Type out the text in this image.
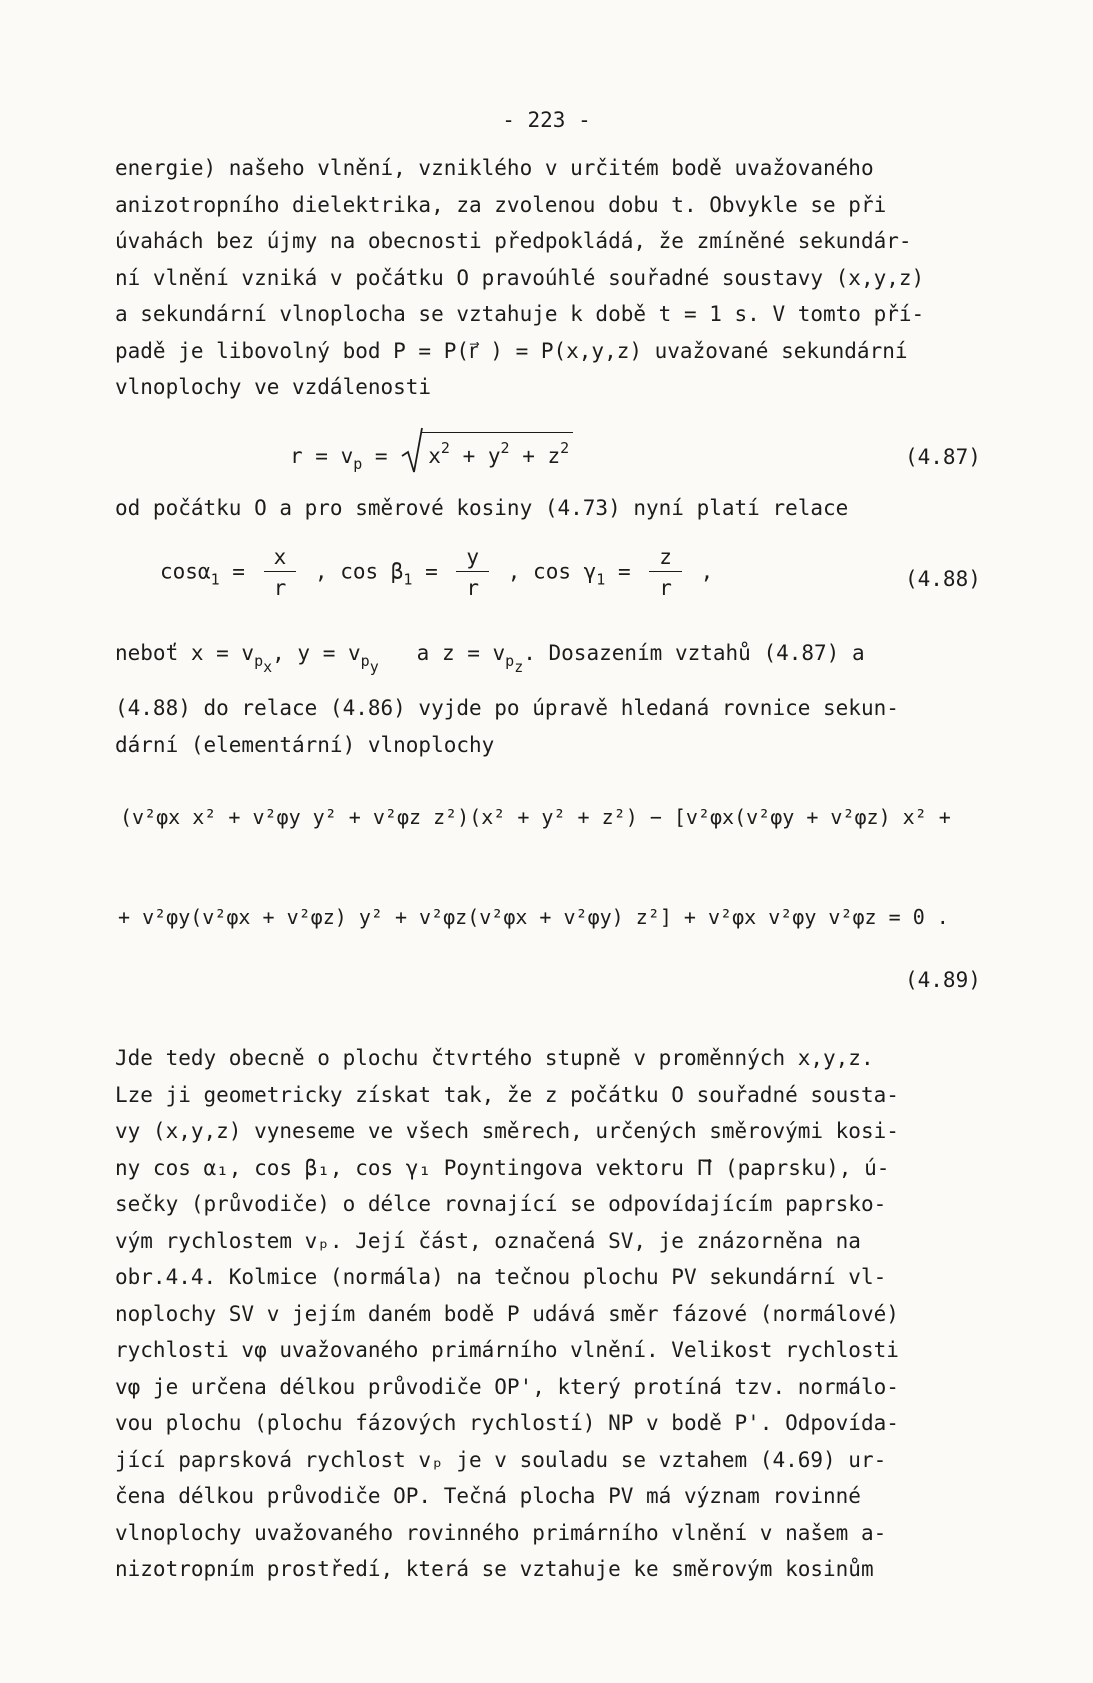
- 223 -
energie) našeho vlnění, vzniklého v určitém bodě uvažovaného
anizotropního dielektrika, za zvolenou dobu t. Obvykle se při
úvahách bez újmy na obecnosti předpokládá, že zmíněné sekundár-
ní vlnění vzniká v počátku O pravoúhlé souřadné soustavy (x,y,z)
a sekundární vlnoplocha se vztahuje k době t = 1 s. V tomto pří-
padě je libovolný bod P = P(r⃗ ) = P(x,y,z) uvažované sekundární
vlnoplochy ve vzdálenosti
$r = v_p = x^2 + y^2 + z^2$	(4.87)
od počátku O a pro směrové kosiny (4.73) nyní platí relace
$\cos\alpha_1 = \frac{x}{r}$ , $\cos \beta_1 = \frac{y}{r}$ , $\cos \gamma_1 = \frac{z}{r}$ ,	(4.88)
neboť $x = v_{p_x}$, $y = v_{p_y}$   a $z = v_{p_z}$. Dosazením vztahů (4.87) a
(4.88) do relace (4.86) vyjde po úpravě hledaná rovnice sekun-
dární (elementární) vlnoplochy
(v²φx x² + v²φy y² + v²φz z²)(x² + y² + z²) − [v²φx(v²φy + v²φz) x² +
+ v²φy(v²φx + v²φz) y² + v²φz(v²φx + v²φy) z²] + v²φx v²φy v²φz = 0 .
(4.89)
Jde tedy obecně o plochu čtvrtého stupně v proměnných x,y,z.
Lze ji geometricky získat tak, že z počátku O souřadné sousta-
vy (x,y,z) vyneseme ve všech směrech, určených směrovými kosi-
ny cos α₁, cos β₁, cos γ₁ Poyntingova vektoru Π⃗ (paprsku), ú-
sečky (průvodiče) o délce rovnající se odpovídajícím paprsko-
vým rychlostem vₚ. Její část, označená SV, je znázorněna na
obr.4.4. Kolmice (normála) na tečnou plochu PV sekundární vl-
noplochy SV v jejím daném bodě P udává směr fázové (normálové)
rychlosti vφ uvažovaného primárního vlnění. Velikost rychlosti
vφ je určena délkou průvodiče OP', který protíná tzv. normálo-
vou plochu (plochu fázových rychlostí) NP v bodě P'. Odpovída-
jící paprsková rychlost vₚ je v souladu se vztahem (4.69) ur-
čena délkou průvodiče OP. Tečná plocha PV má význam rovinné
vlnoplochy uvažovaného rovinného primárního vlnění v našem a-
nizotropním prostředí, která se vztahuje ke směrovým kosinům
